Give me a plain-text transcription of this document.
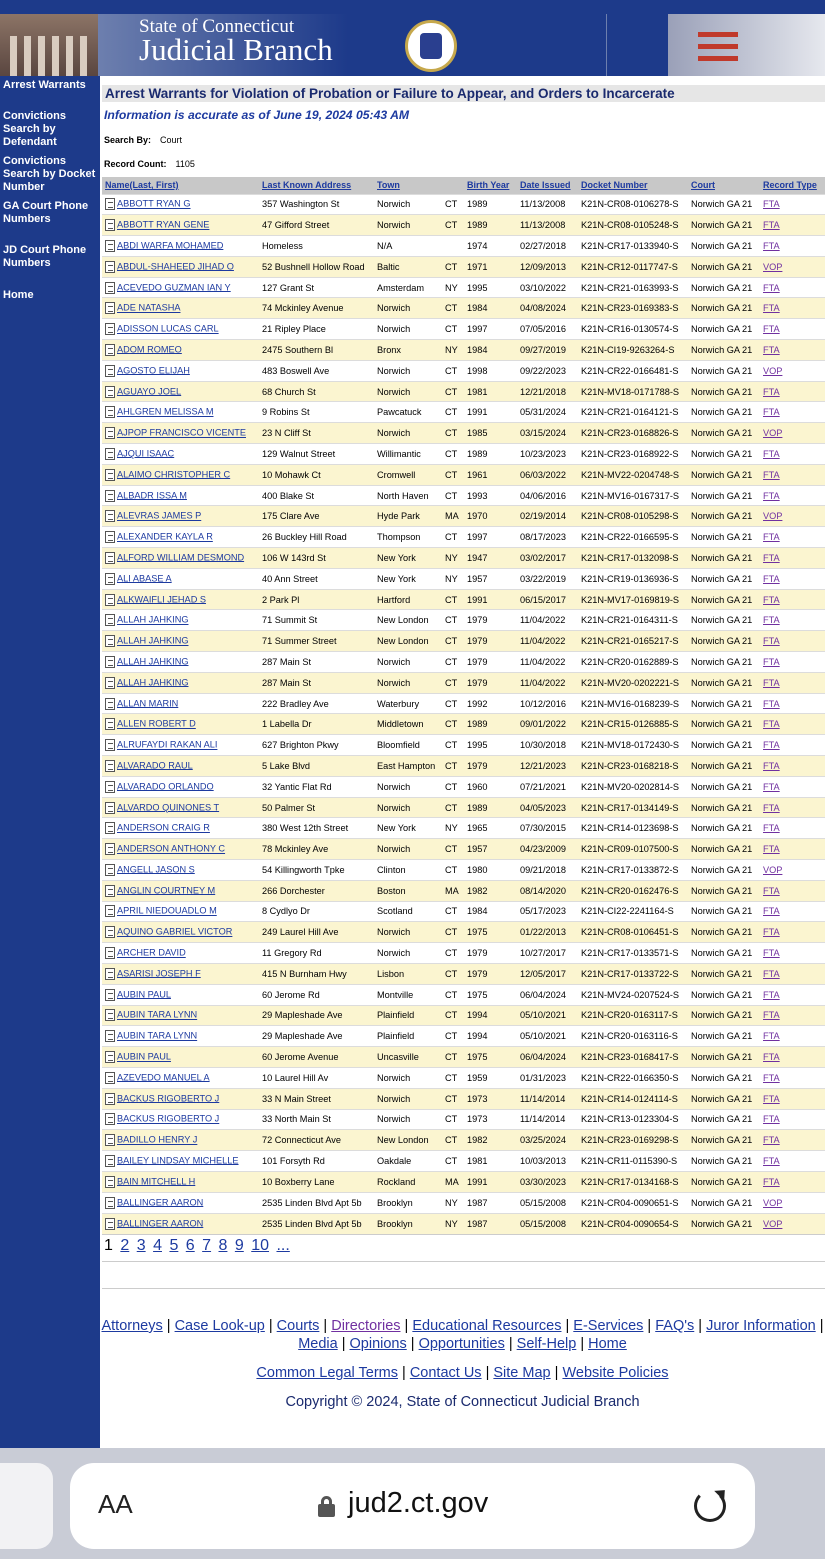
State of Connecticut
Judicial Branch
Arrest Warrants
Convictions Search by Defendant
Convictions Search by Docket Number
GA Court Phone Numbers
JD Court Phone Numbers
Home
Arrest Warrants for Violation of Probation or Failure to Appear, and Orders to Incarcerate
Information is accurate as of June 19, 2024 05:43 AM
Search By: Court
Record Count: 1105
Name(Last, First)	Last Known Address	Town		Birth Year	Date Issued	Docket Number	Court	Record Type
ABBOTT RYAN G	357 Washington St	Norwich	CT	1989	11/13/2008	K21N-CR08-0106278-S	Norwich GA 21	FTA
ABBOTT RYAN GENE	47 Gifford Street	Norwich	CT	1989	11/13/2008	K21N-CR08-0105248-S	Norwich GA 21	FTA
ABDI WARFA MOHAMED	Homeless	N/A		1974	02/27/2018	K21N-CR17-0133940-S	Norwich GA 21	FTA
ABDUL-SHAHEED JIHAD O	52 Bushnell Hollow Road	Baltic	CT	1971	12/09/2013	K21N-CR12-0117747-S	Norwich GA 21	VOP
ACEVEDO GUZMAN IAN Y	127 Grant St	Amsterdam	NY	1995	03/10/2022	K21N-CR21-0163993-S	Norwich GA 21	FTA
ADE NATASHA	74 Mckinley Avenue	Norwich	CT	1984	04/08/2024	K21N-CR23-0169383-S	Norwich GA 21	FTA
ADISSON LUCAS CARL	21 Ripley Place	Norwich	CT	1997	07/05/2016	K21N-CR16-0130574-S	Norwich GA 21	FTA
ADOM ROMEO	2475 Southern Bl	Bronx	NY	1984	09/27/2019	K21N-CI19-9263264-S	Norwich GA 21	FTA
AGOSTO ELIJAH	483 Boswell Ave	Norwich	CT	1998	09/22/2023	K21N-CR22-0166481-S	Norwich GA 21	VOP
AGUAYO JOEL	68 Church St	Norwich	CT	1981	12/21/2018	K21N-MV18-0171788-S	Norwich GA 21	FTA
AHLGREN MELISSA M	9 Robins St	Pawcatuck	CT	1991	05/31/2024	K21N-CR21-0164121-S	Norwich GA 21	FTA
AJPOP FRANCISCO VICENTE	23 N Cliff St	Norwich	CT	1985	03/15/2024	K21N-CR23-0168826-S	Norwich GA 21	VOP
AJQUI ISAAC	129 Walnut Street	Willimantic	CT	1989	10/23/2023	K21N-CR23-0168922-S	Norwich GA 21	FTA
ALAIMO CHRISTOPHER C	10 Mohawk Ct	Cromwell	CT	1961	06/03/2022	K21N-MV22-0204748-S	Norwich GA 21	FTA
ALBADR ISSA M	400 Blake St	North Haven	CT	1993	04/06/2016	K21N-MV16-0167317-S	Norwich GA 21	FTA
ALEVRAS JAMES P	175 Clare Ave	Hyde Park	MA	1970	02/19/2014	K21N-CR08-0105298-S	Norwich GA 21	VOP
ALEXANDER KAYLA R	26 Buckley Hill Road	Thompson	CT	1997	08/17/2023	K21N-CR22-0166595-S	Norwich GA 21	FTA
ALFORD WILLIAM DESMOND	106 W 143rd St	New York	NY	1947	03/02/2017	K21N-CR17-0132098-S	Norwich GA 21	FTA
ALI ABASE A	40 Ann Street	New York	NY	1957	03/22/2019	K21N-CR19-0136936-S	Norwich GA 21	FTA
ALKWAIFLI JEHAD S	2 Park Pl	Hartford	CT	1991	06/15/2017	K21N-MV17-0169819-S	Norwich GA 21	FTA
ALLAH JAHKING	71 Summit St	New London	CT	1979	11/04/2022	K21N-CR21-0164311-S	Norwich GA 21	FTA
ALLAH JAHKING	71 Summer Street	New London	CT	1979	11/04/2022	K21N-CR21-0165217-S	Norwich GA 21	FTA
ALLAH JAHKING	287 Main St	Norwich	CT	1979	11/04/2022	K21N-CR20-0162889-S	Norwich GA 21	FTA
ALLAH JAHKING	287 Main St	Norwich	CT	1979	11/04/2022	K21N-MV20-0202221-S	Norwich GA 21	FTA
ALLAN MARIN	222 Bradley Ave	Waterbury	CT	1992	10/12/2016	K21N-MV16-0168239-S	Norwich GA 21	FTA
ALLEN ROBERT D	1 Labella Dr	Middletown	CT	1989	09/01/2022	K21N-CR15-0126885-S	Norwich GA 21	FTA
ALRUFAYDI RAKAN ALI	627 Brighton Pkwy	Bloomfield	CT	1995	10/30/2018	K21N-MV18-0172430-S	Norwich GA 21	FTA
ALVARADO RAUL	5 Lake Blvd	East Hampton	CT	1979	12/21/2023	K21N-CR23-0168218-S	Norwich GA 21	FTA
ALVARADO ORLANDO	32 Yantic Flat Rd	Norwich	CT	1960	07/21/2021	K21N-MV20-0202814-S	Norwich GA 21	FTA
ALVARDO QUINONES T	50 Palmer St	Norwich	CT	1989	04/05/2023	K21N-CR17-0134149-S	Norwich GA 21	FTA
ANDERSON CRAIG R	380 West 12th Street	New York	NY	1965	07/30/2015	K21N-CR14-0123698-S	Norwich GA 21	FTA
ANDERSON ANTHONY C	78 Mckinley Ave	Norwich	CT	1957	04/23/2009	K21N-CR09-0107500-S	Norwich GA 21	FTA
ANGELL JASON S	54 Killingworth Tpke	Clinton	CT	1980	09/21/2018	K21N-CR17-0133872-S	Norwich GA 21	VOP
ANGLIN COURTNEY M	266 Dorchester	Boston	MA	1982	08/14/2020	K21N-CR20-0162476-S	Norwich GA 21	FTA
APRIL NIEDOUADLO M	8 Cydlyo Dr	Scotland	CT	1984	05/17/2023	K21N-CI22-2241164-S	Norwich GA 21	FTA
AQUINO GABRIEL VICTOR	249 Laurel Hill Ave	Norwich	CT	1975	01/22/2013	K21N-CR08-0106451-S	Norwich GA 21	FTA
ARCHER DAVID	11 Gregory Rd	Norwich	CT	1979	10/27/2017	K21N-CR17-0133571-S	Norwich GA 21	FTA
ASARISI JOSEPH F	415 N Burnham Hwy	Lisbon	CT	1979	12/05/2017	K21N-CR17-0133722-S	Norwich GA 21	FTA
AUBIN PAUL	60 Jerome Rd	Montville	CT	1975	06/04/2024	K21N-MV24-0207524-S	Norwich GA 21	FTA
AUBIN TARA LYNN	29 Mapleshade Ave	Plainfield	CT	1994	05/10/2021	K21N-CR20-0163117-S	Norwich GA 21	FTA
AUBIN TARA LYNN	29 Mapleshade Ave	Plainfield	CT	1994	05/10/2021	K21N-CR20-0163116-S	Norwich GA 21	FTA
AUBIN PAUL	60 Jerome Avenue	Uncasville	CT	1975	06/04/2024	K21N-CR23-0168417-S	Norwich GA 21	FTA
AZEVEDO MANUEL A	10 Laurel Hill Av	Norwich	CT	1959	01/31/2023	K21N-CR22-0166350-S	Norwich GA 21	FTA
BACKUS RIGOBERTO J	33 N Main Street	Norwich	CT	1973	11/14/2014	K21N-CR14-0124114-S	Norwich GA 21	FTA
BACKUS RIGOBERTO J	33 North Main St	Norwich	CT	1973	11/14/2014	K21N-CR13-0123304-S	Norwich GA 21	FTA
BADILLO HENRY J	72 Connecticut Ave	New London	CT	1982	03/25/2024	K21N-CR23-0169298-S	Norwich GA 21	FTA
BAILEY LINDSAY MICHELLE	101 Forsyth Rd	Oakdale	CT	1981	10/03/2013	K21N-CR11-0115390-S	Norwich GA 21	FTA
BAIN MITCHELL H	10 Boxberry Lane	Rockland	MA	1991	03/30/2023	K21N-CR17-0134168-S	Norwich GA 21	FTA
BALLINGER AARON	2535 Linden Blvd Apt 5b	Brooklyn	NY	1987	05/15/2008	K21N-CR04-0090651-S	Norwich GA 21	VOP
BALLINGER AARON	2535 Linden Blvd Apt 5b	Brooklyn	NY	1987	05/15/2008	K21N-CR04-0090654-S	Norwich GA 21	VOP
1 2 3 4 5 6 7 8 9 10 ...
Attorneys | Case Look-up | Courts | Directories | Educational Resources | E-Services | FAQ's | Juror Information |
Media | Opinions | Opportunities | Self-Help | Home
Common Legal Terms | Contact Us | Site Map | Website Policies
Copyright © 2024, State of Connecticut Judicial Branch
AA	jud2.ct.gov
